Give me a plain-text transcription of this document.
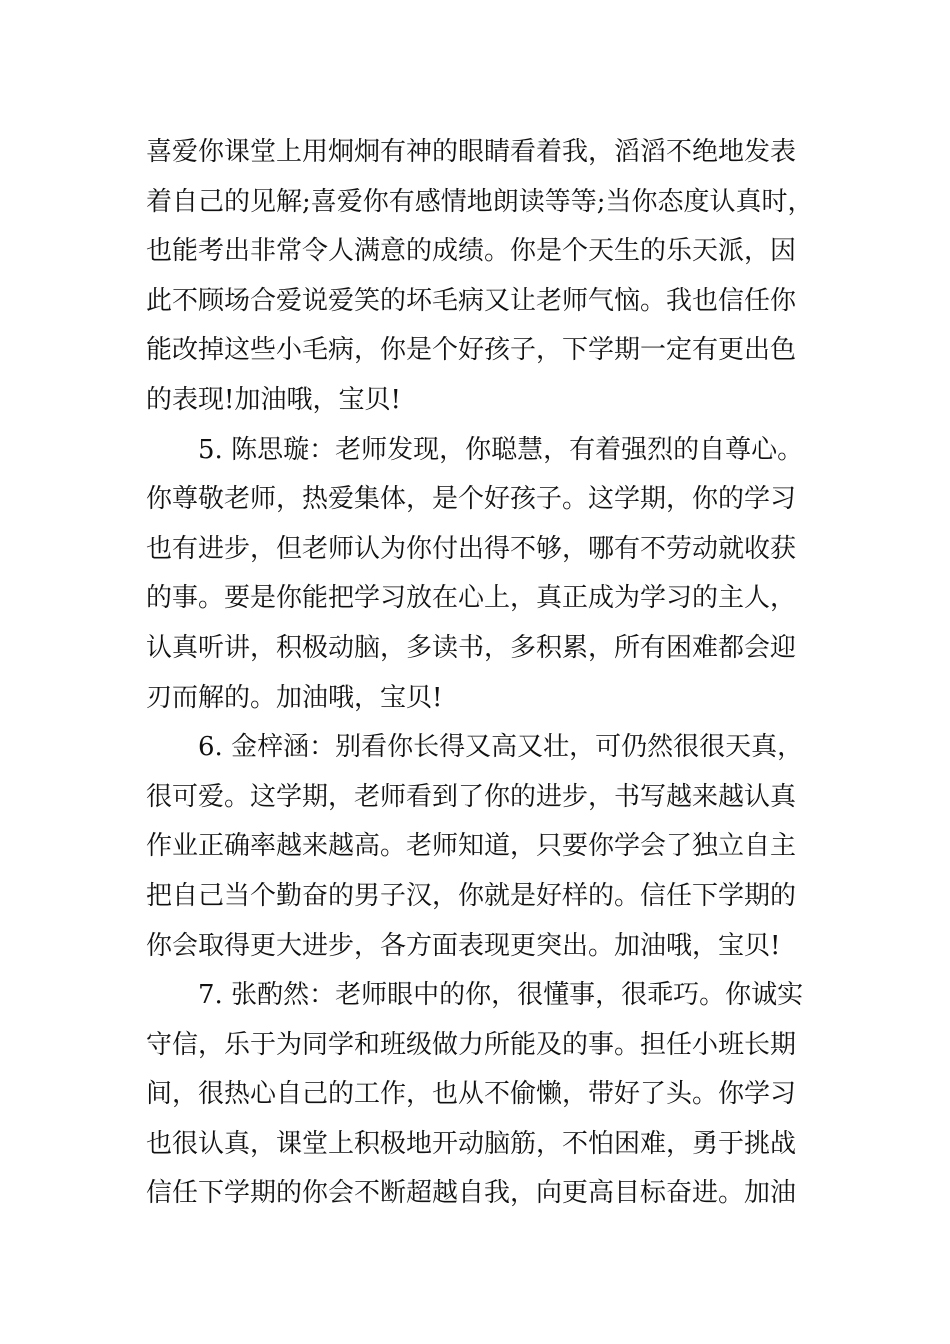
喜爱你课堂上用炯炯有神的眼睛看着我，滔滔不绝地发表
着自己的见解;喜爱你有感情地朗读等等;当你态度认真时，
也能考出非常令人满意的成绩。你是个天生的乐天派，因
此不顾场合爱说爱笑的坏毛病又让老师气恼。我也信任你
能改掉这些小毛病，你是个好孩子，下学期一定有更出色
的表现!加油哦，宝贝!
5. 陈思璇：老师发现，你聪慧，有着强烈的自尊心。
你尊敬老师，热爱集体，是个好孩子。这学期，你的学习
也有进步，但老师认为你付出得不够，哪有不劳动就收获
的事。要是你能把学习放在心上，真正成为学习的主人，
认真听讲，积极动脑，多读书，多积累，所有困难都会迎
刃而解的。加油哦，宝贝!
6. 金梓涵：别看你长得又高又壮，可仍然很很天真，
很可爱。这学期，老师看到了你的进步，书写越来越认真
作业正确率越来越高。老师知道，只要你学会了独立自主
把自己当个勤奋的男子汉，你就是好样的。信任下学期的
你会取得更大进步，各方面表现更突出。加油哦，宝贝!
7. 张酌然：老师眼中的你，很懂事，很乖巧。你诚实
守信，乐于为同学和班级做力所能及的事。担任小班长期
间，很热心自己的工作，也从不偷懒，带好了头。你学习
也很认真，课堂上积极地开动脑筋，不怕困难，勇于挑战
信任下学期的你会不断超越自我，向更高目标奋进。加油
